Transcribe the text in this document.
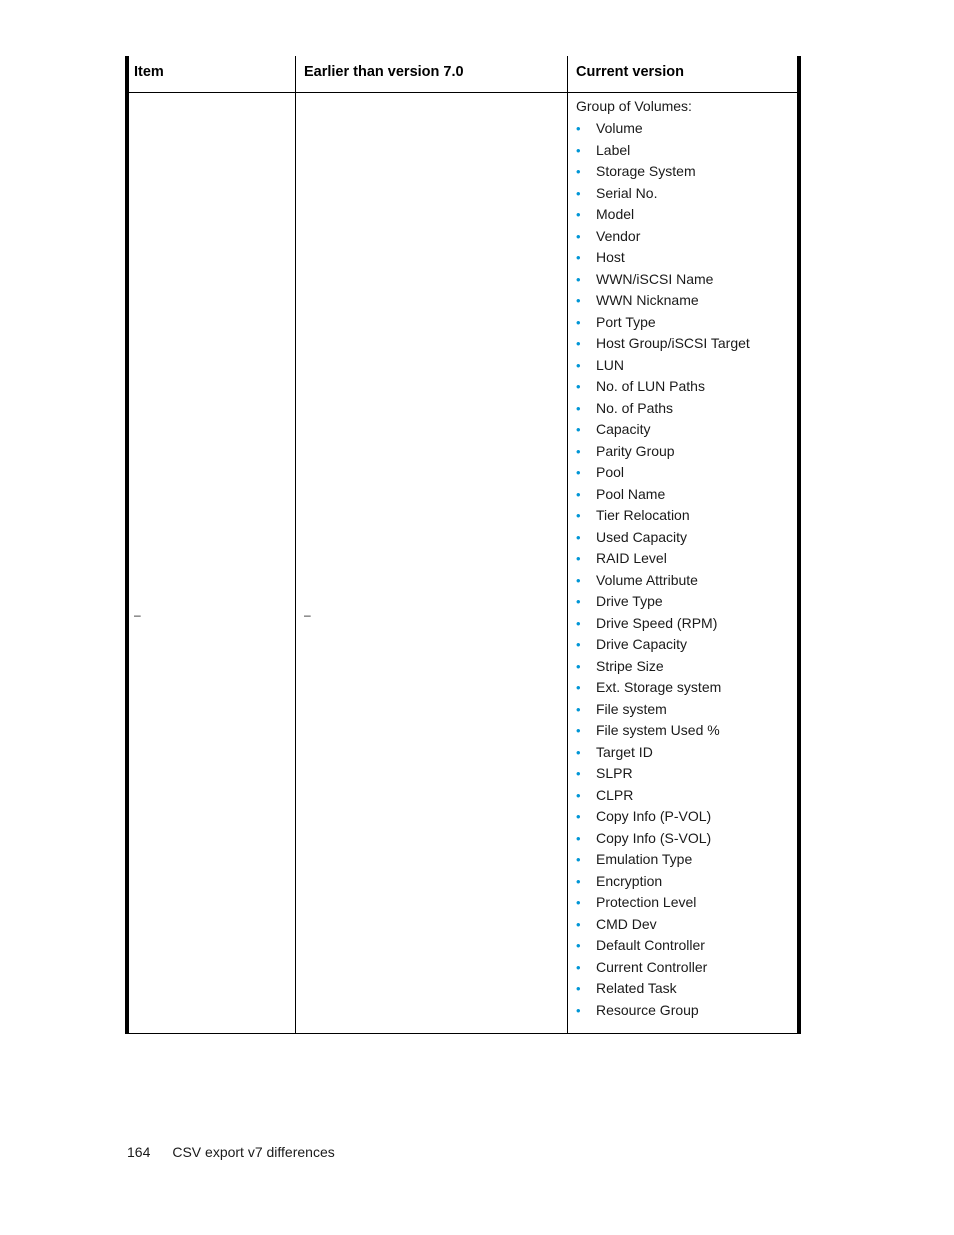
Item	Earlier than version 7.0	Current version
–	–
Group of Volumes:
• Volume
• Label
• Storage System
• Serial No.
• Model
• Vendor
• Host
• WWN/iSCSI Name
• WWN Nickname
• Port Type
• Host Group/iSCSI Target
• LUN
• No. of LUN Paths
• No. of Paths
• Capacity
• Parity Group
• Pool
• Pool Name
• Tier Relocation
• Used Capacity
• RAID Level
• Volume Attribute
• Drive Type
• Drive Speed (RPM)
• Drive Capacity
• Stripe Size
• Ext. Storage system
• File system
• File system Used %
• Target ID
• SLPR
• CLPR
• Copy Info (P-VOL)
• Copy Info (S-VOL)
• Emulation Type
• Encryption
• Protection Level
• CMD Dev
• Default Controller
• Current Controller
• Related Task
• Resource Group
164 CSV export v7 differences
